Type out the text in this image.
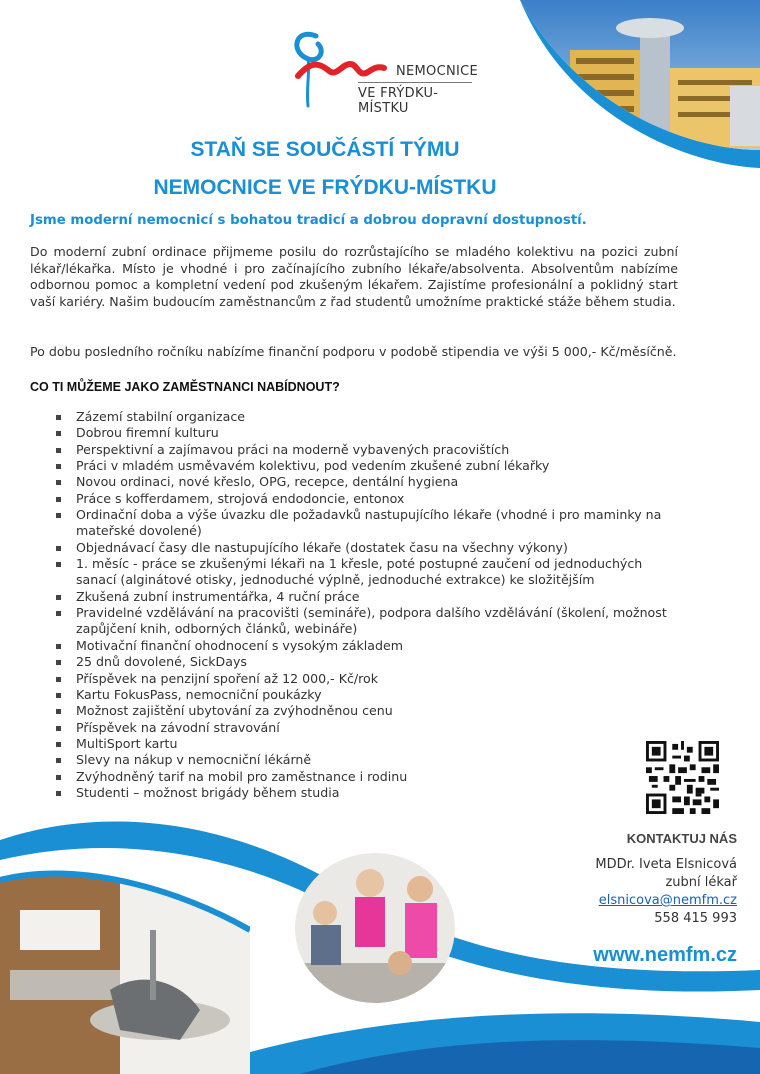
NEMOCNICE
VE FRÝDKU-MÍSTKU
STAŇ SE SOUČÁSTÍ TÝMU
NEMOCNICE VE FRÝDKU-MÍSTKU
Jsme moderní nemocnicí s bohatou tradicí a dobrou dopravní dostupností.

Do moderní zubní ordinace přijmeme posilu do rozrůstajícího se mladého kolektivu na pozici zubní lékař/lékařka. Místo je vhodné i pro začínajícího zubního lékaře/absolventa. Absolventům nabízíme odbornou pomoc a kompletní vedení pod zkušeným lékařem. Zajistíme profesionální a poklidný start vaší kariéry. Našim budoucím zaměstnancům z řad studentů umožníme praktické stáže během studia.

Po dobu posledního ročníku nabízíme finanční podporu v podobě stipendia ve výši 5 000,- Kč/měsíčně.

CO TI MŮŽEME JAKO ZAMĚSTNANCI NABÍDNOUT?
Zázemí stabilní organizace
Dobrou firemní kulturu
Perspektivní a zajímavou práci na moderně vybavených pracovištích
Práci v mladém usměvavém kolektivu, pod vedením zkušené zubní lékařky
Novou ordinaci, nové křeslo, OPG, recepce, dentální hygiena
Práce s kofferdamem, strojová endodoncie, entonox
Ordinační doba a výše úvazku dle požadavků nastupujícího lékaře (vhodné i pro maminky na mateřské dovolené)
Objednávací časy dle nastupujícího lékaře (dostatek času na všechny výkony)
1. měsíc - práce se zkušenými lékaři na 1 křesle, poté postupné zaučení od jednoduchých sanací (alginátové otisky, jednoduché výplně, jednoduché extrakce) ke složitějším
Zkušená zubní instrumentářka, 4 ruční práce
Pravidelné vzdělávání na pracovišti (semináře), podpora dalšího vzdělávání (školení, možnost zapůjčení knih, odborných článků, webináře)
Motivační finanční ohodnocení s vysokým základem
25 dnů dovolené, SickDays
Příspěvek na penzijní spoření až 12 000,- Kč/rok
Kartu FokusPass, nemocniční poukázky
Možnost zajištění ubytování za zvýhodněnou cenu
Příspěvek na závodní stravování
MultiSport kartu
Slevy na nákup v nemocniční lékárně
Zvýhodněný tarif na mobil pro zaměstnance i rodinu
Studenti – možnost brigády během studia
KONTAKTUJ NÁS
MDDr. Iveta Elsnicová
zubní lékař
elsnicova@nemfm.cz
558 415 993
www.nemfm.cz
